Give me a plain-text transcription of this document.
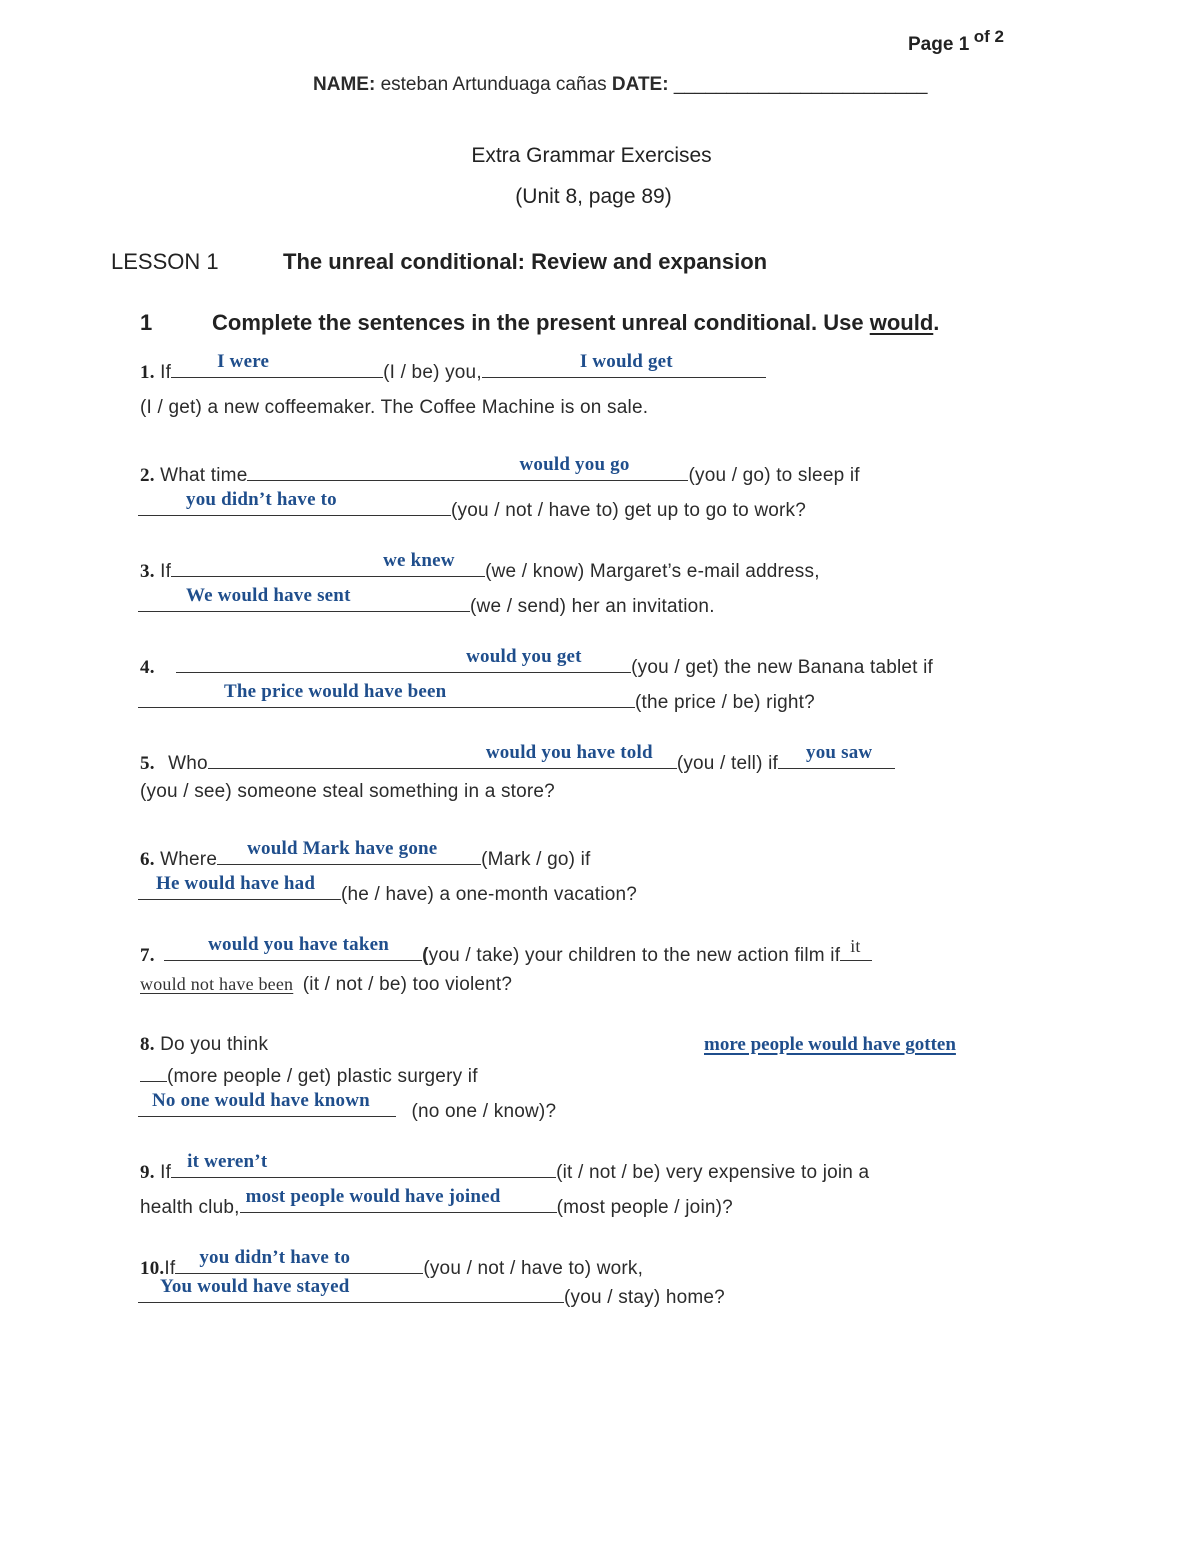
Page 1 of 2
NAME: esteban Artunduaga cañas DATE: ________________________
Extra Grammar Exercises
(Unit 8, page 89)
LESSON 1	The unreal conditional: Review and expansion
1	Complete the sentences in the present unreal conditional. Use would.
1. If
I were
(I / be) you,
I would get
(I / get) a new coffeemaker. The Coffee Machine is on sale.
2. What time
would you go
(you / go) to sleep if
you didn’t have to
(you / not / have to) get up to go to work?
3. If
we knew
(we / know) Margaret’s e-mail address,
We would have sent
(we / send) her an invitation.
4.
would you get
(you / get) the new Banana tablet if
The price would have been
(the price / be) right?
5. Who
would you have told
(you / tell) if
you saw
(you / see) someone steal something in a store?
6. Where
would Mark have gone
(Mark / go) if
He would have had
(he / have) a one-month vacation?
7.
would you have taken
(you / take) your children to the new action film if it
would not have been (it / not / be) too violent?
8. Do you think	more people would have gotten
(more people / get) plastic surgery if
No one would have known
(no one / know)?
9. If
it weren’t
(it / not / be) very expensive to join a
health club,
most people would have joined
(most people / join)?
10.If
you didn’t have to
(you / not / have to) work,
You would have stayed
(you / stay) home?
